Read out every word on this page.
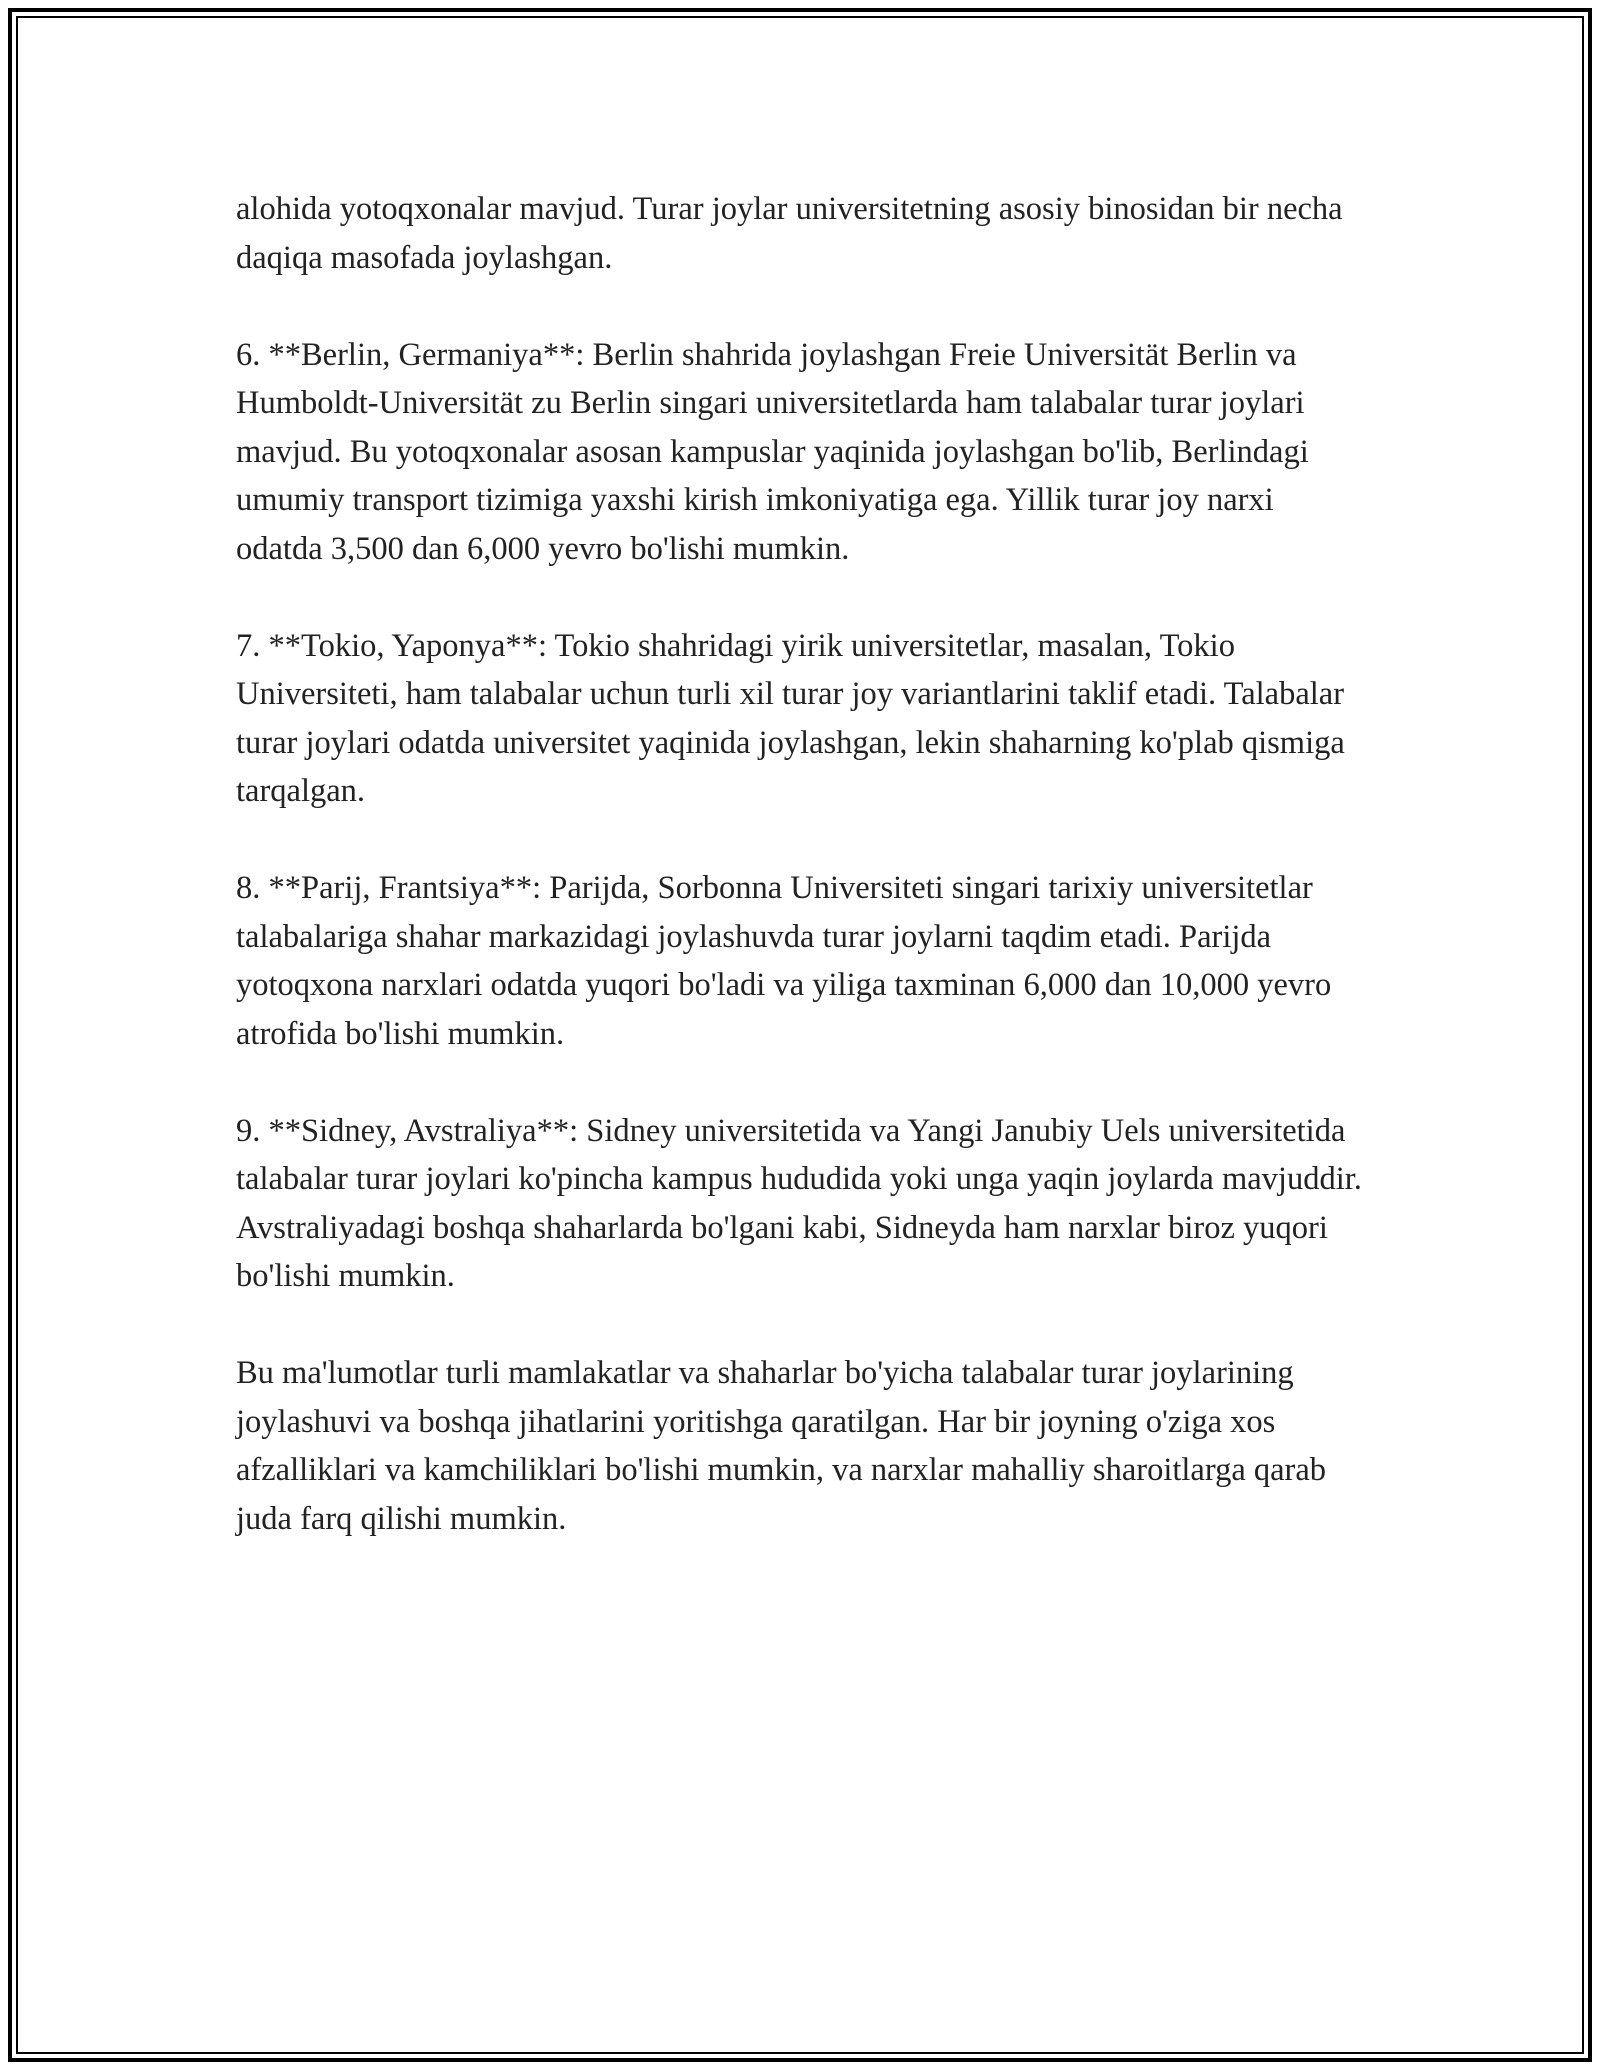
alohida yotoqxonalar mavjud. Turar joylar universitetning asosiy binosidan bir necha daqiqa masofada joylashgan.

6. **Berlin, Germaniya**: Berlin shahrida joylashgan Freie Universität Berlin va Humboldt-Universität zu Berlin singari universitetlarda ham talabalar turar joylari mavjud. Bu yotoqxonalar asosan kampuslar yaqinida joylashgan bo'lib, Berlindagi umumiy transport tizimiga yaxshi kirish imkoniyatiga ega. Yillik turar joy narxi odatda 3,500 dan 6,000 yevro bo'lishi mumkin.

7. **Tokio, Yaponya**: Tokio shahridagi yirik universitetlar, masalan, Tokio Universiteti, ham talabalar uchun turli xil turar joy variantlarini taklif etadi. Talabalar turar joylari odatda universitet yaqinida joylashgan, lekin shaharning ko'plab qismiga tarqalgan.

8. **Parij, Frantsiya**: Parijda, Sorbonna Universiteti singari tarixiy universitetlar talabalariga shahar markazidagi joylashuvda turar joylarni taqdim etadi. Parijda yotoqxona narxlari odatda yuqori bo'ladi va yiliga taxminan 6,000 dan 10,000 yevro atrofida bo'lishi mumkin.

9. **Sidney, Avstraliya**: Sidney universitetida va Yangi Janubiy Uels universitetida talabalar turar joylari ko'pincha kampus hududida yoki unga yaqin joylarda mavjuddir. Avstraliyadagi boshqa shaharlarda bo'lgani kabi, Sidneyda ham narxlar biroz yuqori bo'lishi mumkin.

Bu ma'lumotlar turli mamlakatlar va shaharlar bo'yicha talabalar turar joylarining joylashuvi va boshqa jihatlarini yoritishga qaratilgan. Har bir joyning o'ziga xos afzalliklari va kamchiliklari bo'lishi mumkin, va narxlar mahalliy sharoitlarga qarab juda farq qilishi mumkin.
